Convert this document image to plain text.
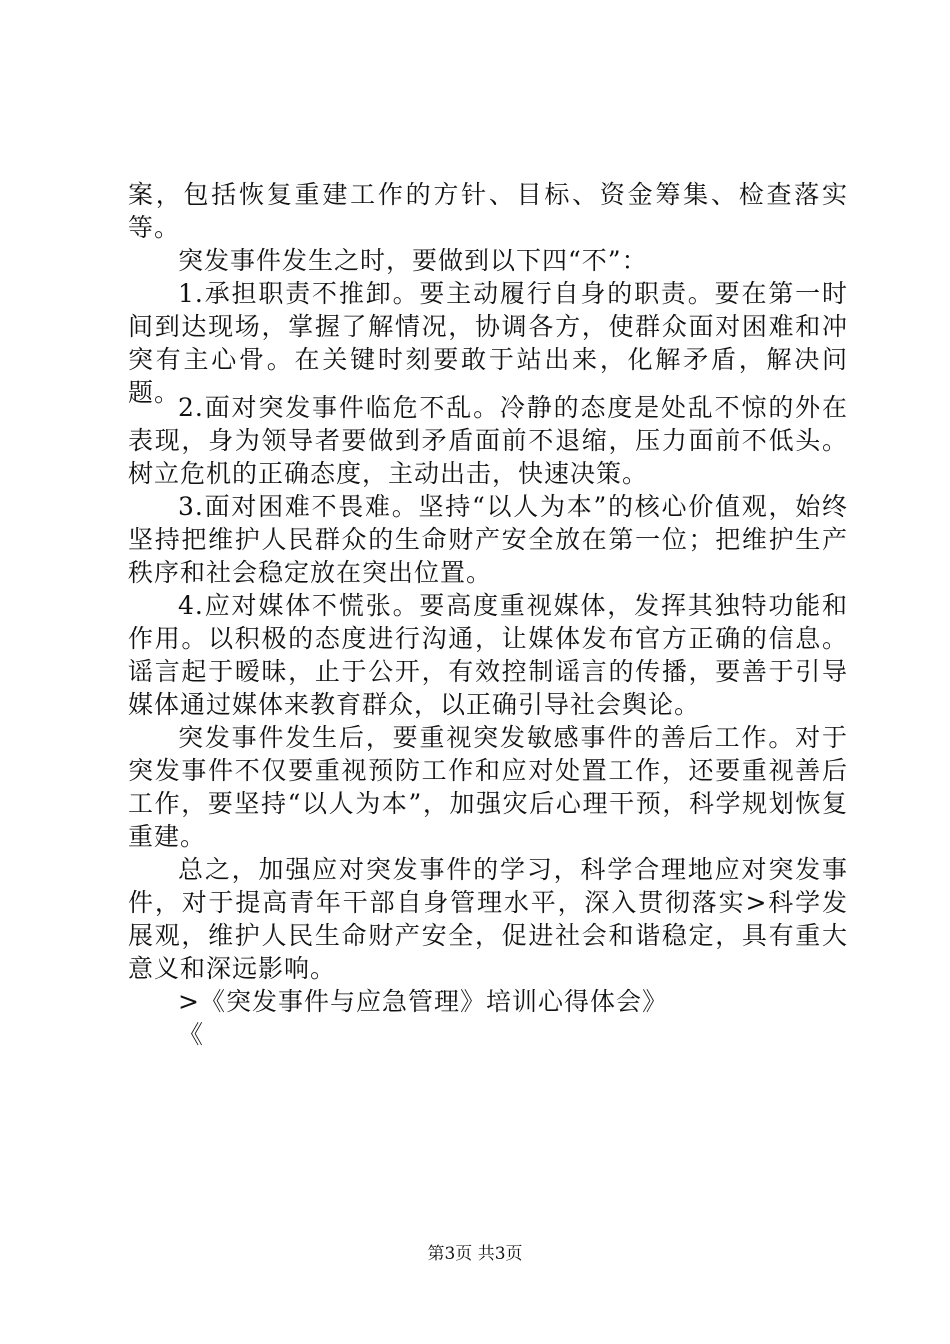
案，包括恢复重建工作的方针、目标、资金筹集、检查落实等。

突发事件发生之时，要做到以下四“不”：

1.承担职责不推卸。要主动履行自身的职责。要在第一时间到达现场，掌握了解情况，协调各方，使群众面对困难和冲突有主心骨。在关键时刻要敢于站出来，化解矛盾，解决问题。

2.面对突发事件临危不乱。冷静的态度是处乱不惊的外在表现，身为领导者要做到矛盾面前不退缩，压力面前不低头。树立危机的正确态度，主动出击，快速决策。

3.面对困难不畏难。坚持“以人为本”的核心价值观，始终坚持把维护人民群众的生命财产安全放在第一位；把维护生产秩序和社会稳定放在突出位置。

4.应对媒体不慌张。要高度重视媒体，发挥其独特功能和作用。以积极的态度进行沟通，让媒体发布官方正确的信息。谣言起于暧昧，止于公开，有效控制谣言的传播，要善于引导媒体通过媒体来教育群众，以正确引导社会舆论。

突发事件发生后，要重视突发敏感事件的善后工作。对于突发事件不仅要重视预防工作和应对处置工作，还要重视善后工作，要坚持“以人为本”，加强灾后心理干预，科学规划恢复重建。

总之，加强应对突发事件的学习，科学合理地应对突发事件，对于提高青年干部自身管理水平，深入贯彻落实>科学发展观，维护人民生命财产安全，促进社会和谐稳定，具有重大意义和深远影响。

>《突发事件与应急管理》培训心得体会》

《

第3页 共3页
